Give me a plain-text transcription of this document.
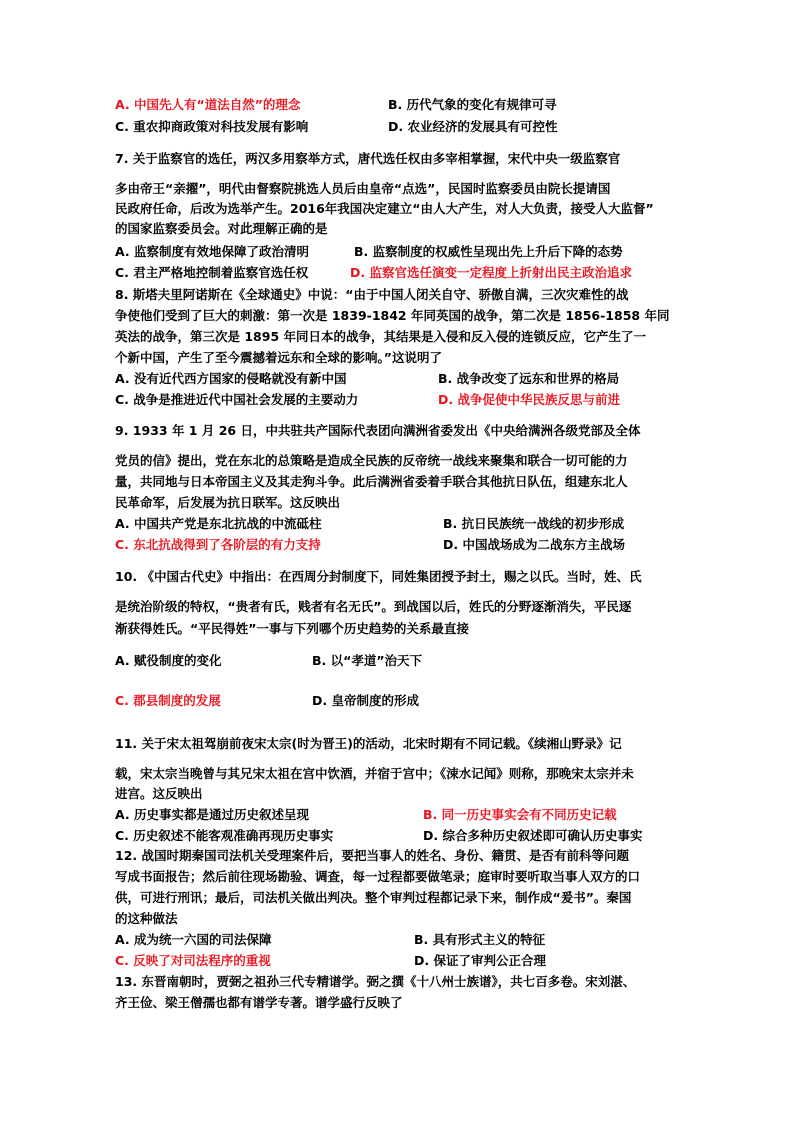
A. 中国先人有“道法自然”的理念	B. 历代气象的变化有规律可寻
C. 重农抑商政策对科技发展有影响	D. 农业经济的发展具有可控性
7. 关于监察官的选任，两汉多用察举方式，唐代选任权由多宰相掌握，宋代中央一级监察官
多由帝王“亲擢”，明代由督察院挑选人员后由皇帝“点选”，民国时监察委员由院长提请国
民政府任命，后改为选举产生。2016年我国决定建立“由人大产生，对人大负责，接受人大监督”
的国家监察委员会。对此理解正确的是
A. 监察制度有效地保障了政治清明	B. 监察制度的权威性呈现出先上升后下降的态势
C. 君主严格地控制着监察官选任权	D. 监察官选任演变一定程度上折射出民主政治追求
8. 斯塔夫里阿诺斯在《全球通史》中说：“由于中国人闭关自守、骄傲自满，三次灾难性的战
争使他们受到了巨大的刺激：第一次是 1839-1842 年同英国的战争，第二次是 1856-1858 年同
英法的战争，第三次是 1895 年同日本的战争，其结果是入侵和反入侵的连锁反应，它产生了一
个新中国，产生了至今震撼着远东和全球的影响。”这说明了
A. 没有近代西方国家的侵略就没有新中国	B. 战争改变了远东和世界的格局
C. 战争是推进近代中国社会发展的主要动力	D. 战争促使中华民族反思与前进
9. 1933 年 1 月 26 日，中共驻共产国际代表团向满洲省委发出《中央给满洲各级党部及全体
党员的信》提出，党在东北的总策略是造成全民族的反帝统一战线来聚集和联合一切可能的力
量，共同地与日本帝国主义及其走狗斗争。此后满洲省委着手联合其他抗日队伍，组建东北人
民革命军，后发展为抗日联军。这反映出
A. 中国共产党是东北抗战的中流砥柱	B. 抗日民族统一战线的初步形成
C. 东北抗战得到了各阶层的有力支持	D. 中国战场成为二战东方主战场
10. 《中国古代史》中指出：在西周分封制度下，同姓集团授予封土，赐之以氏。当时，姓、氏
是统治阶级的特权，“贵者有氏，贱者有名无氏”。到战国以后，姓氏的分野逐渐消失，平民逐
渐获得姓氏。“平民得姓”一事与下列哪个历史趋势的关系最直接
A. 赋役制度的变化	B. 以“孝道”治天下
C. 郡县制度的发展	D. 皇帝制度的形成
11. 关于宋太祖驾崩前夜宋太宗(时为晋王)的活动，北宋时期有不同记载。《续湘山野录》记
载，宋太宗当晚曾与其兄宋太祖在宫中饮酒，并宿于宫中；《涑水记闻》则称，那晚宋太宗并未
进宫。这反映出
A. 历史事实都是通过历史叙述呈现	B. 同一历史事实会有不同历史记载
C. 历史叙述不能客观准确再现历史事实	D. 综合多种历史叙述即可确认历史事实
12. 战国时期秦国司法机关受理案件后，要把当事人的姓名、身份、籍贯、是否有前科等问题
写成书面报告；然后前往现场勘验、调查，每一过程都要做笔录；庭审时要听取当事人双方的口
供，可进行刑讯；最后，司法机关做出判决。整个审判过程都记录下来，制作成“爰书”。秦国
的这种做法
A. 成为统一六国的司法保障	B. 具有形式主义的特征
C. 反映了对司法程序的重视	D. 保证了审判公正合理
13. 东晋南朝时，贾弼之祖孙三代专精谱学。弼之撰《十八州士族谱》，共七百多卷。宋刘湛、
齐王俭、梁王僧孺也都有谱学专著。谱学盛行反映了
